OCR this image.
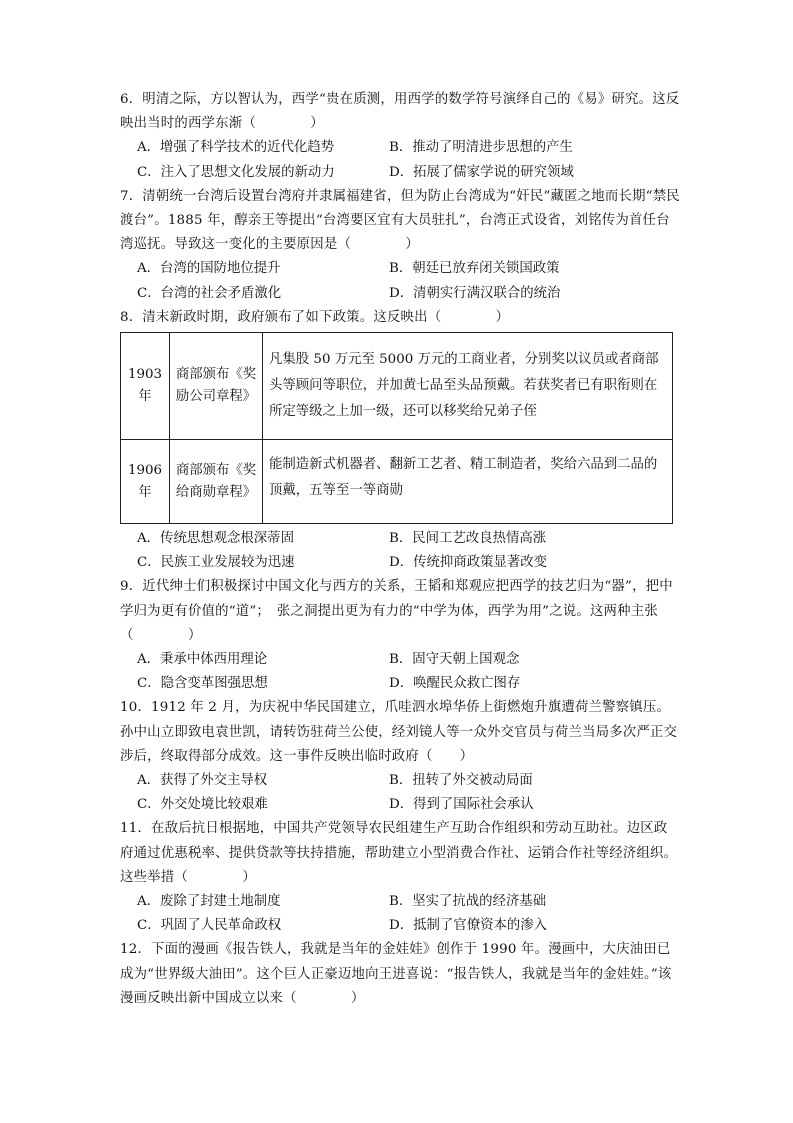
6．明清之际，方以智认为，西学“贵在质测，用西学的数学符号演绎自己的《易》研究。这反映出当时的西学东渐（　　　　）
A．增强了科学技术的近代化趋势	B．推动了明清进步思想的产生
C．注入了思想文化发展的新动力	D．拓展了儒家学说的研究领域
7．清朝统一台湾后设置台湾府并隶属福建省，但为防止台湾成为“奸民”藏匿之地而长期“禁民渡台”。1885 年，醇亲王等提出“台湾要区宜有大员驻扎”，台湾正式设省，刘铭传为首任台湾巡抚。导致这一变化的主要原因是（　　　　）
A．台湾的国防地位提升	B．朝廷已放弃闭关锁国政策
C．台湾的社会矛盾激化	D．清朝实行满汉联合的统治
8．清末新政时期，政府颁布了如下政策。这反映出（　　　　）
1903年	商部颁布《奖励公司章程》	凡集股 50 万元至 5000 万元的工商业者，分别奖以议员或者商部头等顾问等职位，并加黄七品至头品预戴。若获奖者已有职衔则在所定等级之上加一级，还可以移奖给兄弟子侄
1906年	商部颁布《奖给商勋章程》	能制造新式机器者、翻新工艺者、精工制造者，奖给六品到二品的顶戴，五等至一等商勋
A．传统思想观念根深蒂固	B．民间工艺改良热情高涨
C．民族工业发展较为迅速	D．传统抑商政策显著改变
9．近代绅士们积极探讨中国文化与西方的关系，王韬和郑观应把西学的技艺归为“器”，把中学归为更有价值的“道”；　张之洞提出更为有力的“中学为体，西学为用”之说。这两种主张（　　　　）
A．秉承中体西用理论	B．固守天朝上国观念
C．隐含变革图强思想	D．唤醒民众救亡图存
10．1912 年 2 月，为庆祝中华民国建立，爪哇泗水埠华侨上街燃炮升旗遭荷兰警察镇压。孙中山立即致电袁世凯，请转饬驻荷兰公使，经刘镜人等一众外交官员与荷兰当局多次严正交涉后，终取得部分成效。这一事件反映出临时政府（　　）
A．获得了外交主导权	B．扭转了外交被动局面
C．外交处境比较艰难	D．得到了国际社会承认
11．在敌后抗日根据地，中国共产党领导农民组建生产互助合作组织和劳动互助社。边区政府通过优惠税率、提供贷款等扶持措施，帮助建立小型消费合作社、运销合作社等经济组织。这些举措（　　　　）
A．废除了封建土地制度	B．坚实了抗战的经济基础
C．巩固了人民革命政权	D．抵制了官僚资本的渗入
12．下面的漫画《报告铁人，我就是当年的金娃娃》创作于 1990 年。漫画中，大庆油田已成为“世界级大油田”。这个巨人正豪迈地向王进喜说：“报告铁人，我就是当年的金娃娃。”该漫画反映出新中国成立以来（　　　　）
